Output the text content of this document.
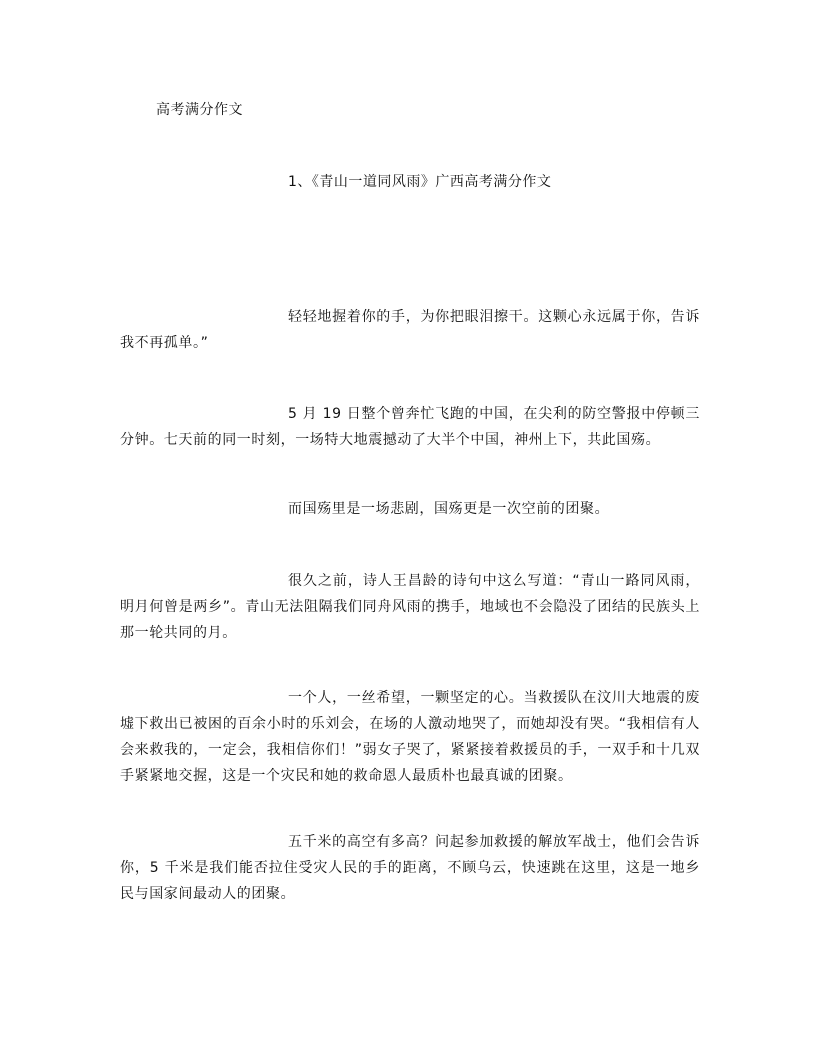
高考满分作文
1、《青山一道同风雨》广西高考满分作文

轻轻地握着你的手，为你把眼泪擦干。这颗心永远属于你，告诉我不再孤单。”

5 月 19 日整个曾奔忙飞跑的中国，在尖利的防空警报中停顿三分钟。七天前的同一时刻，一场特大地震撼动了大半个中国，神州上下，共此国殇。

而国殇里是一场悲剧，国殇更是一次空前的团聚。

很久之前，诗人王昌龄的诗句中这么写道：“青山一路同风雨，明月何曾是两乡”。青山无法阻隔我们同舟风雨的携手，地域也不会隐没了团结的民族头上那一轮共同的月。

一个人，一丝希望，一颗坚定的心。当救援队在汶川大地震的废墟下救出已被困的百余小时的乐刘会，在场的人激动地哭了，而她却没有哭。“我相信有人会来救我的，一定会，我相信你们！”弱女子哭了，紧紧接着救援员的手，一双手和十几双手紧紧地交握，这是一个灾民和她的救命恩人最质朴也最真诚的团聚。

五千米的高空有多高？问起参加救援的解放军战士，他们会告诉你，5 千米是我们能否拉住受灾人民的手的距离，不顾乌云，快速跳在这里，这是一地乡民与国家间最动人的团聚。
